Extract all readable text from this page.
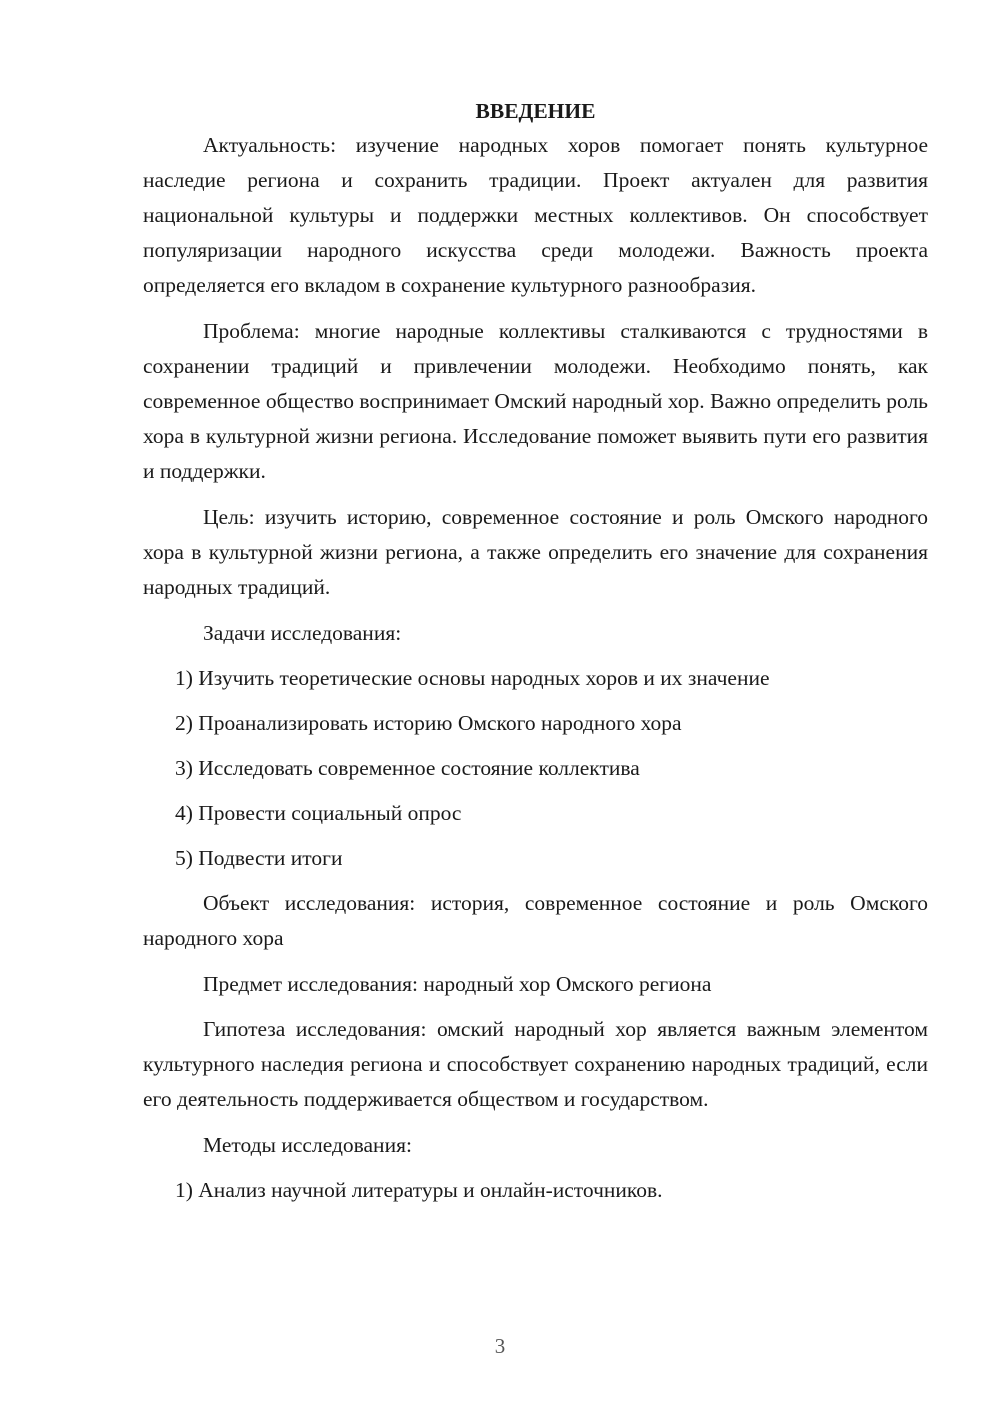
ВВЕДЕНИЕ

Актуальность: изучение народных хоров помогает понять культурное наследие региона и сохранить традиции. Проект актуален для развития национальной культуры и поддержки местных коллективов. Он способствует популяризации народного искусства среди молодежи. Важность проекта определяется его вкладом в сохранение культурного разнообразия.

Проблема: многие народные коллективы сталкиваются с трудностями в сохранении традиций и привлечении молодежи. Необходимо понять, как современное общество воспринимает Омский народный хор. Важно определить роль хора в культурной жизни региона. Исследование поможет выявить пути его развития и поддержки.

Цель: изучить историю, современное состояние и роль Омского народного хора в культурной жизни региона, а также определить его значение для сохранения народных традиций.

Задачи исследования:

1) Изучить теоретические основы народных хоров и их значение

2) Проанализировать историю Омского народного хора

3) Исследовать современное состояние коллектива

4) Провести социальный опрос

5) Подвести итоги

Объект исследования: история, современное состояние и роль Омского народного хора

Предмет исследования: народный хор Омского региона

Гипотеза исследования: омский народный хор является важным элементом культурного наследия региона и способствует сохранению народных традиций, если его деятельность поддерживается обществом и государством.

Методы исследования:

1) Анализ научной литературы и онлайн-источников.

3
